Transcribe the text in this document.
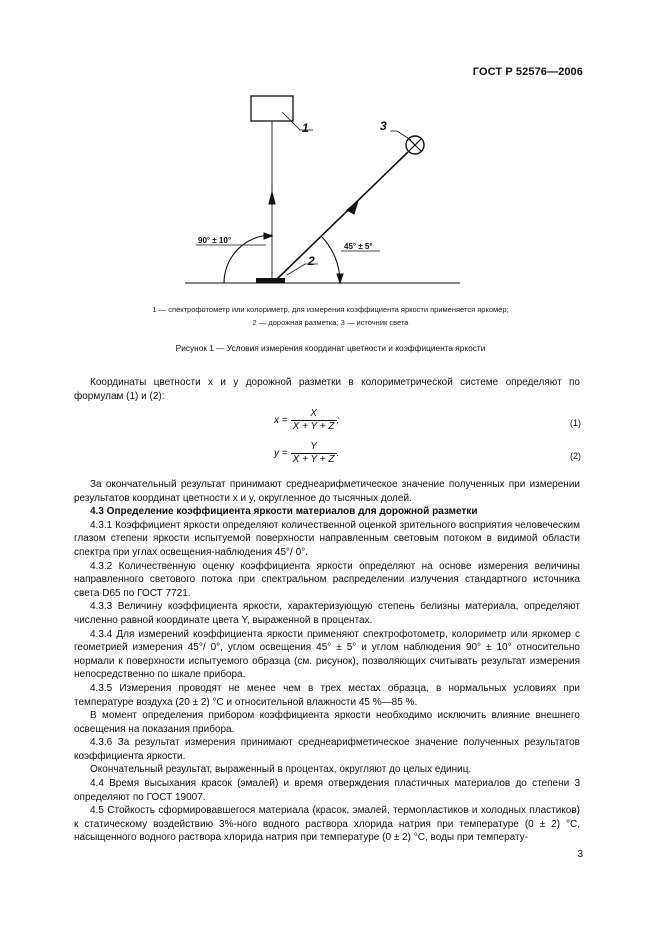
ГОСТ Р 52576—2006
1
2
3
90° ± 10°
45° ± 5°
1 — спектрофотометр или колориметр, для измерения коэффициента яркости применяется яркомер;
2 — дорожная разметка; 3 — источник света
Рисунок 1 — Условия измерения координат цветности и коэффициента яркости

Координаты цветности x и y дорожной разметки в колориметрической системе определяют по формулам (1) и (2):

$x = \frac{X}{X + Y + Z}$ ;	(1)
$y = \frac{Y}{X + Y + Z}$ .	(2)

За окончательный результат принимают среднеарифметическое значение полученных при измерении результатов координат цветности x и y, округленное до тысячных долей.

4.3 Определение коэффициента яркости материалов для дорожной разметки

4.3.1 Коэффициент яркости определяют количественной оценкой зрительного восприятия человеческим глазом степени яркости испытуемой поверхности направленным световым потоком в видимой области спектра при углах освещения-наблюдения 45°/ 0°.

4.3.2 Количественную оценку коэффициента яркости определяют на основе измерения величины направленного светового потока при спектральном распределении излучения стандартного источника света D65 по ГОСТ 7721.

4.3.3 Величину коэффициента яркости, характеризующую степень белизны материала, определяют численно равной координате цвета Y, выраженной в процентах.

4.3.4 Для измерений коэффициента яркости применяют спектрофотометр, колориметр или яркомер с геометрией измерения 45°/ 0°, углом освещения 45° ± 5° и углом наблюдения 90° ± 10° относительно нормали к поверхности испытуемого образца (см. рисунок), позволяющих считывать результат измерения непосредственно по шкале прибора.

4.3.5 Измерения проводят не менее чем в трех местах образца, в нормальных условиях при температуре воздуха (20 ± 2) °С и относительной влажности 45 %—85 %.

В момент определения прибором коэффициента яркости необходимо исключить влияние внешнего освещения на показания прибора.

4.3.6 За результат измерения принимают среднеарифметическое значение полученных результатов коэффициента яркости.

Окончательный результат, выраженный в процентах, округляют до целых единиц.

4.4 Время высыхания красок (эмалей) и время отверждения пластичных материалов до степени 3 определяют по ГОСТ 19007.

4.5 Стойкость сформировавшегося материала (красок, эмалей, термопластиков и холодных пластиков) к статическому воздействию 3%-ного водного раствора хлорида натрия при температуре (0 ± 2) °С, насыщенного водного раствора хлорида натрия при температуре (0 ± 2) °С, воды при температу-

3
